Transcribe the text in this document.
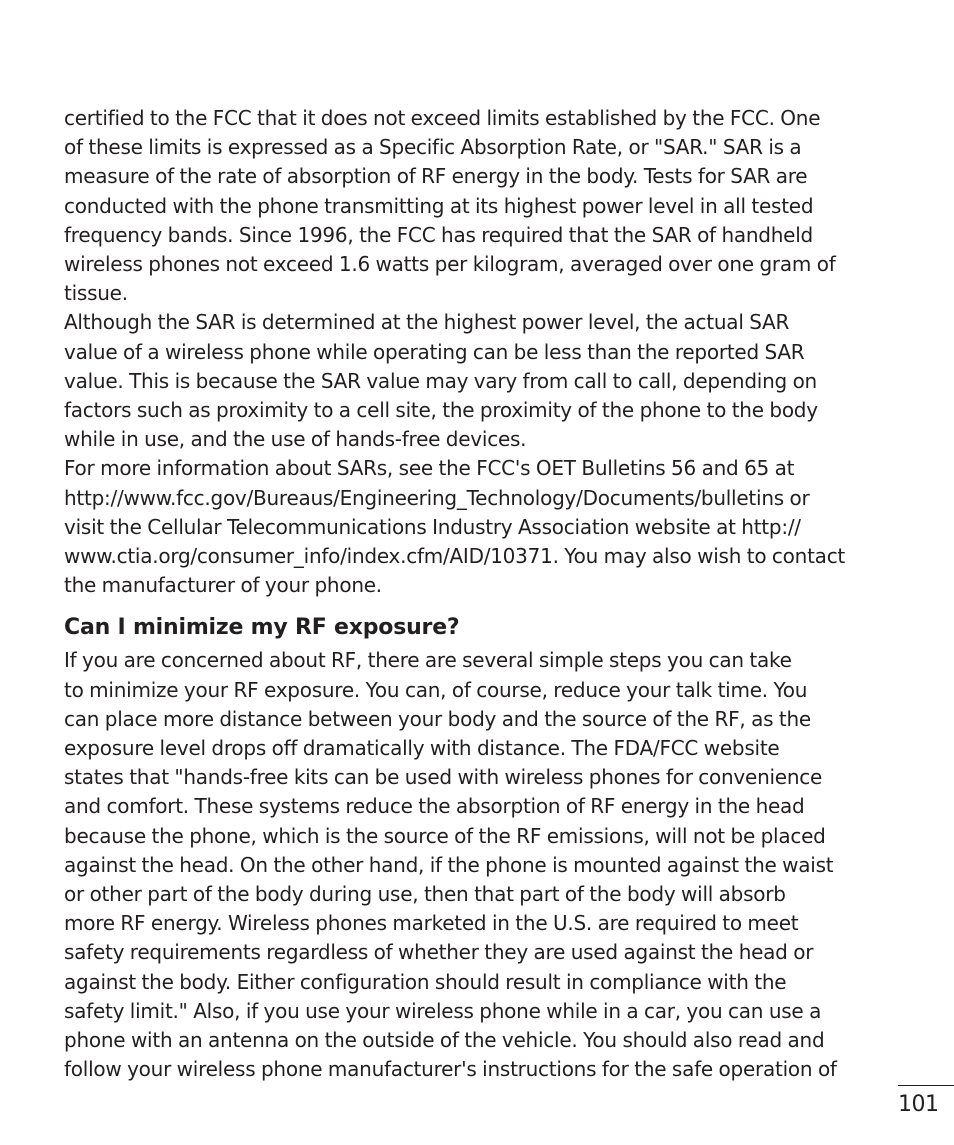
certified to the FCC that it does not exceed limits established by the FCC. One
of these limits is expressed as a Specific Absorption Rate, or "SAR." SAR is a
measure of the rate of absorption of RF energy in the body. Tests for SAR are
conducted with the phone transmitting at its highest power level in all tested
frequency bands. Since 1996, the FCC has required that the SAR of handheld
wireless phones not exceed 1.6 watts per kilogram, averaged over one gram of
tissue.

Although the SAR is determined at the highest power level, the actual SAR
value of a wireless phone while operating can be less than the reported SAR
value. This is because the SAR value may vary from call to call, depending on
factors such as proximity to a cell site, the proximity of the phone to the body
while in use, and the use of hands-free devices.

For more information about SARs, see the FCC's OET Bulletins 56 and 65 at
http://www.fcc.gov/Bureaus/Engineering_Technology/Documents/bulletins or
visit the Cellular Telecommunications Industry Association website at http://
www.ctia.org/consumer_info/index.cfm/AID/10371. You may also wish to contact
the manufacturer of your phone.

Can I minimize my RF exposure?

If you are concerned about RF, there are several simple steps you can take
to minimize your RF exposure. You can, of course, reduce your talk time. You
can place more distance between your body and the source of the RF, as the
exposure level drops off dramatically with distance. The FDA/FCC website
states that "hands-free kits can be used with wireless phones for convenience
and comfort. These systems reduce the absorption of RF energy in the head
because the phone, which is the source of the RF emissions, will not be placed
against the head. On the other hand, if the phone is mounted against the waist
or other part of the body during use, then that part of the body will absorb
more RF energy. Wireless phones marketed in the U.S. are required to meet
safety requirements regardless of whether they are used against the head or
against the body. Either configuration should result in compliance with the
safety limit." Also, if you use your wireless phone while in a car, you can use a
phone with an antenna on the outside of the vehicle. You should also read and
follow your wireless phone manufacturer's instructions for the safe operation of

101
